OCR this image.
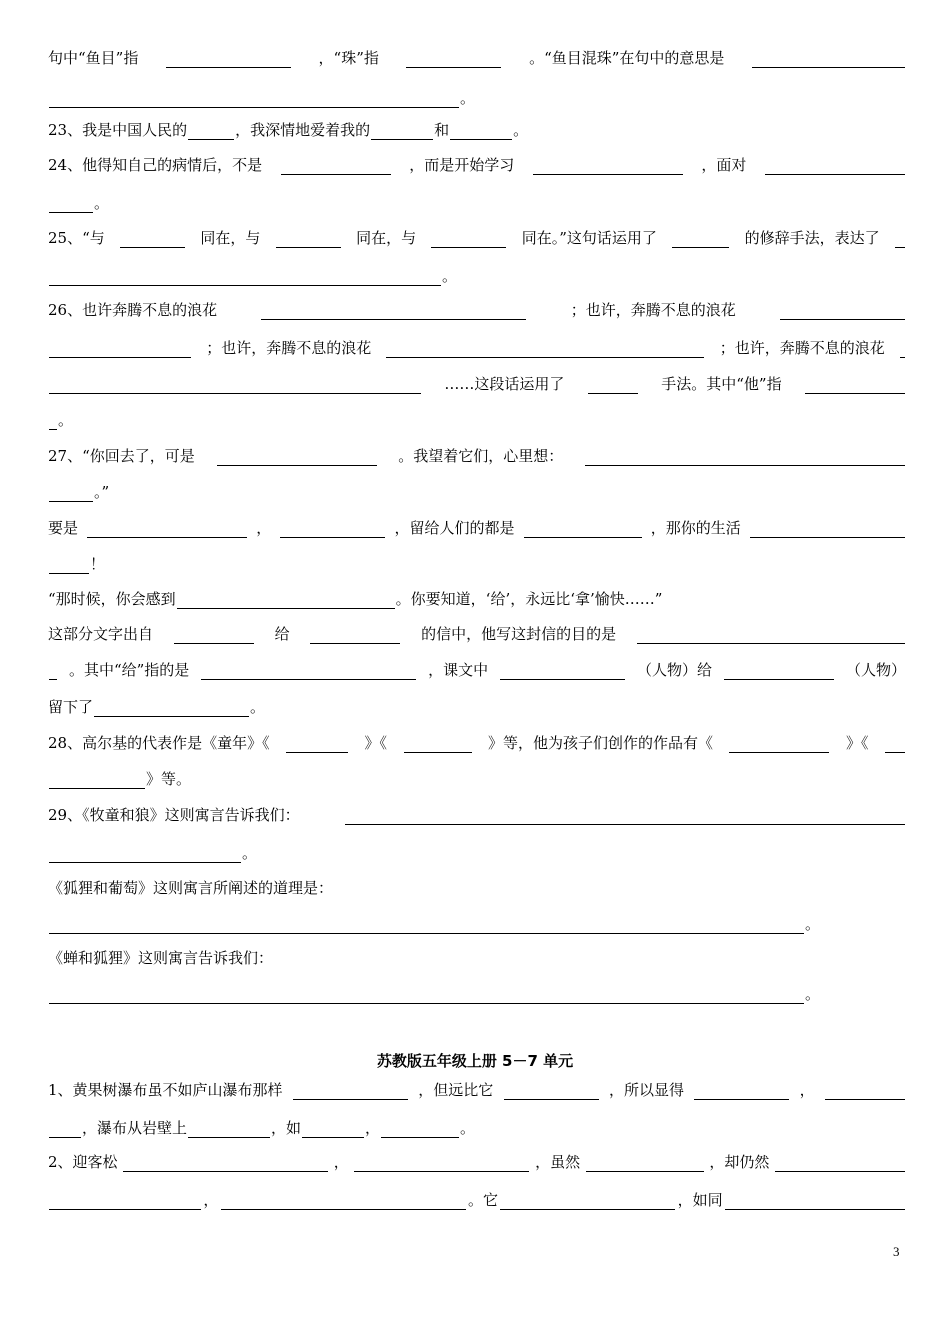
句中“鱼目”指	，“珠”指	。“鱼目混珠”在句中的意思是
。
23、我是中国人民的	，我深情地爱着我的	和	。
24、他得知自己的病情后，不是	，而是开始学习	，面对
。
25、“与	同在，与	同在，与	同在。”这句话运用了	的修辞手法，表达了
。
26、也许奔腾不息的浪花	；也许，奔腾不息的浪花
；也许，奔腾不息的浪花	；也许，奔腾不息的浪花
……这段话运用了	手法。其中“他”指
。
27、“你回去了，可是	。我望着它们，心里想：
。”
要是	，	，留给人们的都是	，那你的生活
！
“那时候，你会感到	。你要知道，‘给’，永远比‘拿’愉快……”
这部分文字出自	给	的信中，他写这封信的目的是
。其中“给”指的是	，课文中	（人物）给	（人物）
留下了	。
28、高尔基的代表作是《童年》《	》《	》等，他为孩子们创作的作品有《	》《
》等。
29、《牧童和狼》这则寓言告诉我们：
。
《狐狸和葡萄》这则寓言所阐述的道理是：
。
《蝉和狐狸》这则寓言告诉我们：
。
1、黄果树瀑布虽不如庐山瀑布那样	，但远比它	，所以显得	，
，瀑布从岩壁上	，如	，	。
2、迎客松	，	，虽然	，却仍然
，	。它	，如同
苏教版五年级上册 5－7 单元
3
